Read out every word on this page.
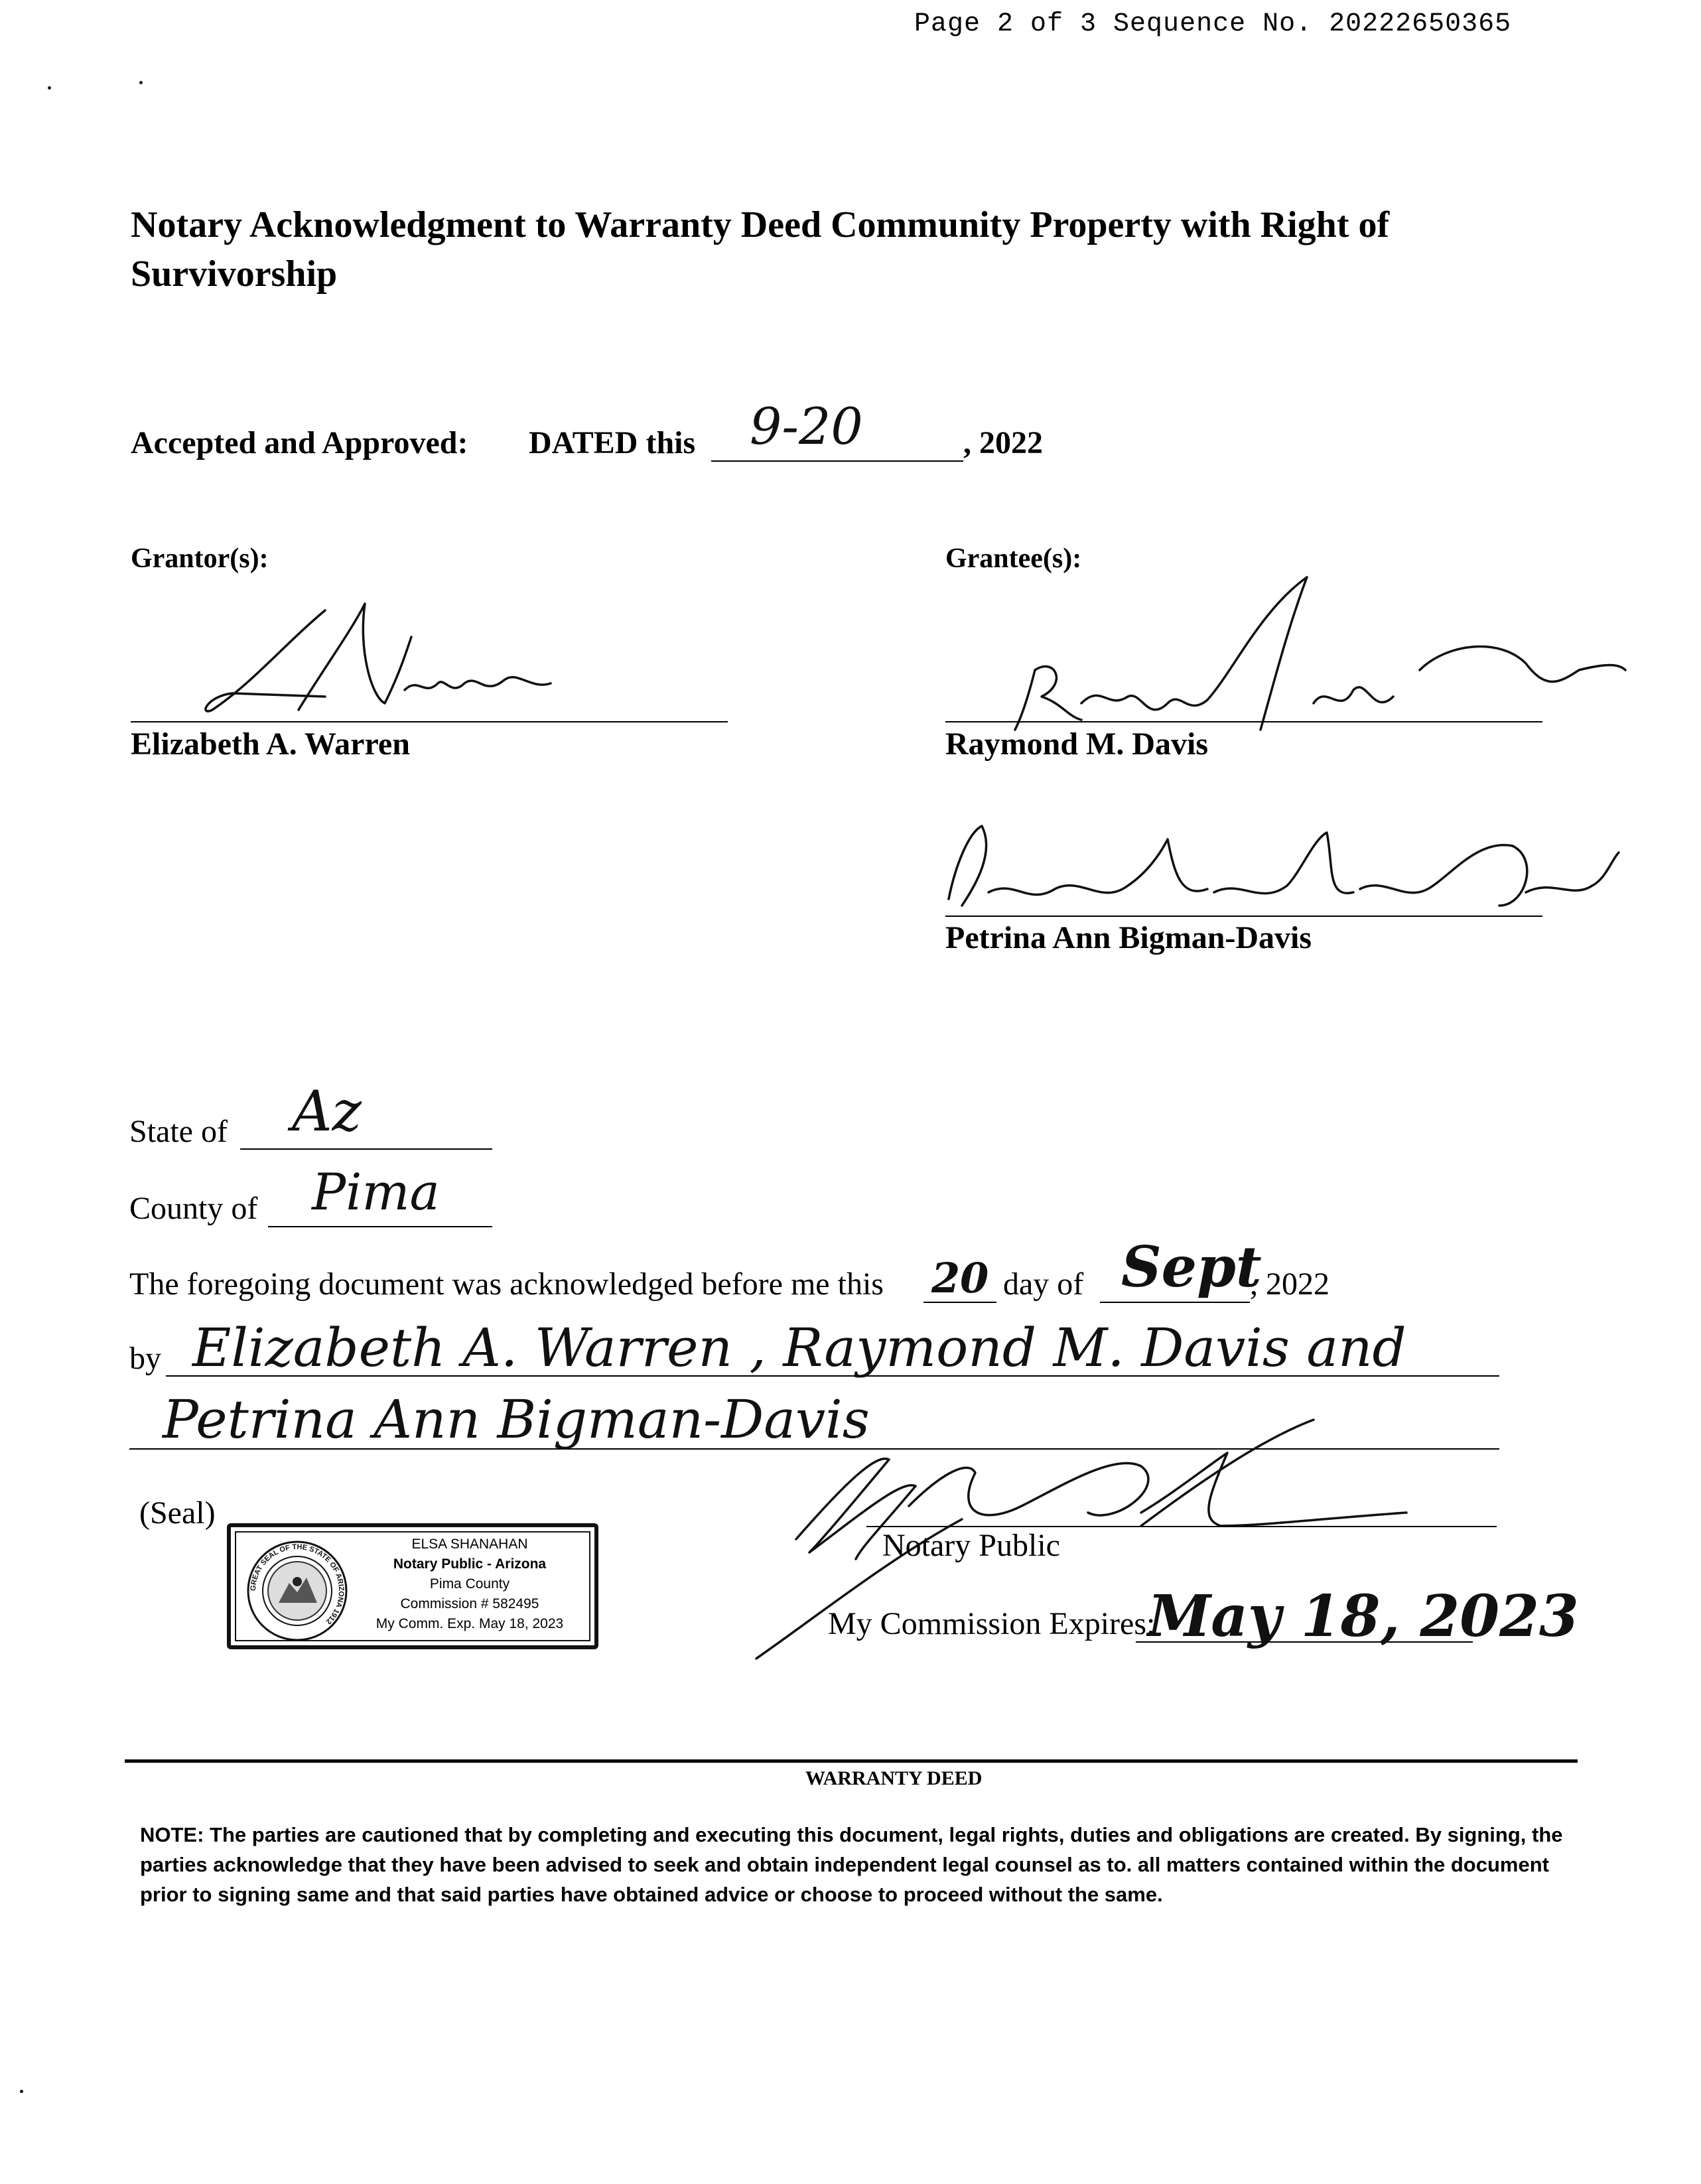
Page 2 of 3 Sequence No. 20222650365
Notary Acknowledgment to Warranty Deed Community Property with Right of Survivorship
Accepted and Approved: DATED this 9-20	, 2022
Grantor(s):	Grantee(s):
Elizabeth A. Warren	Raymond M. Davis
Petrina Ann Bigman-Davis
State of Az
County of Pima
The foregoing document was acknowledged before me this 20 day of Sept
, 2022
by Elizabeth A. Warren , Raymond M. Davis and
Petrina Ann Bigman-Davis
(Seal)
GREAT SEAL OF THE STATE OF ARIZONA 1912
ELSA SHANAHAN
Notary Public - Arizona
Pima County
Commission # 582495
My Comm. Exp. May 18, 2023
Notary Public
My Commission Expires:
May 18, 2023
WARRANTY DEED
NOTE: The parties are cautioned that by completing and executing this document, legal rights, duties and obligations are created. By signing, the parties acknowledge that they have been advised to seek and obtain independent legal counsel as to. all matters contained within the document prior to signing same and that said parties have obtained advice or choose to proceed without the same.
